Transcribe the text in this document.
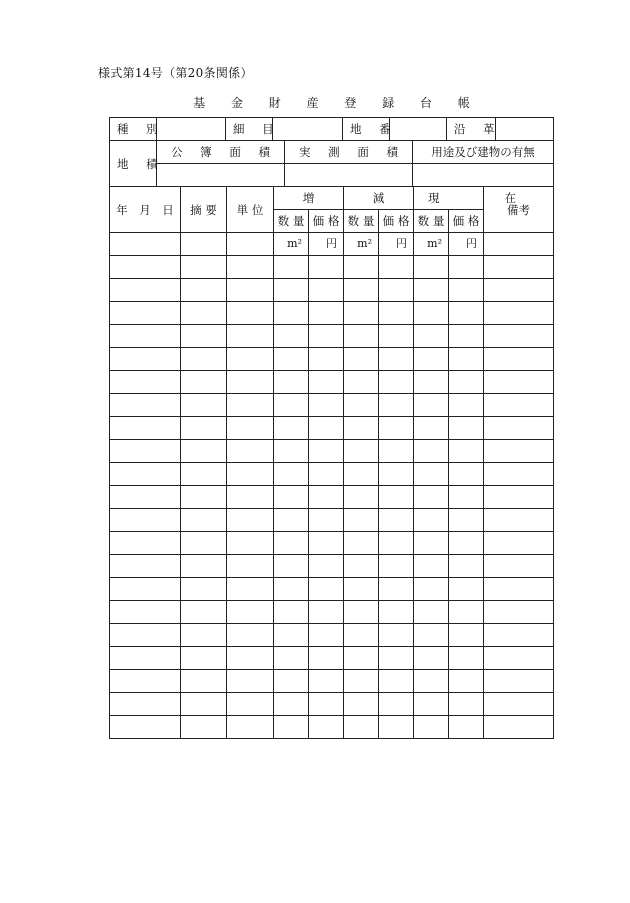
様式第14号（第20条関係）
基 金 財 産 登 録 台 帳
種 別		細 目		地 番		沿 革	
地 積	公 簿 面 積	実 測 面 積	用途及び建物の有無

年　月　日	摘 要	単 位	増		減		現　　在		備考
			数 量	価 格	数 量	価 格	数 量	価 格	
			m²	円	m²	円	m²	円	
